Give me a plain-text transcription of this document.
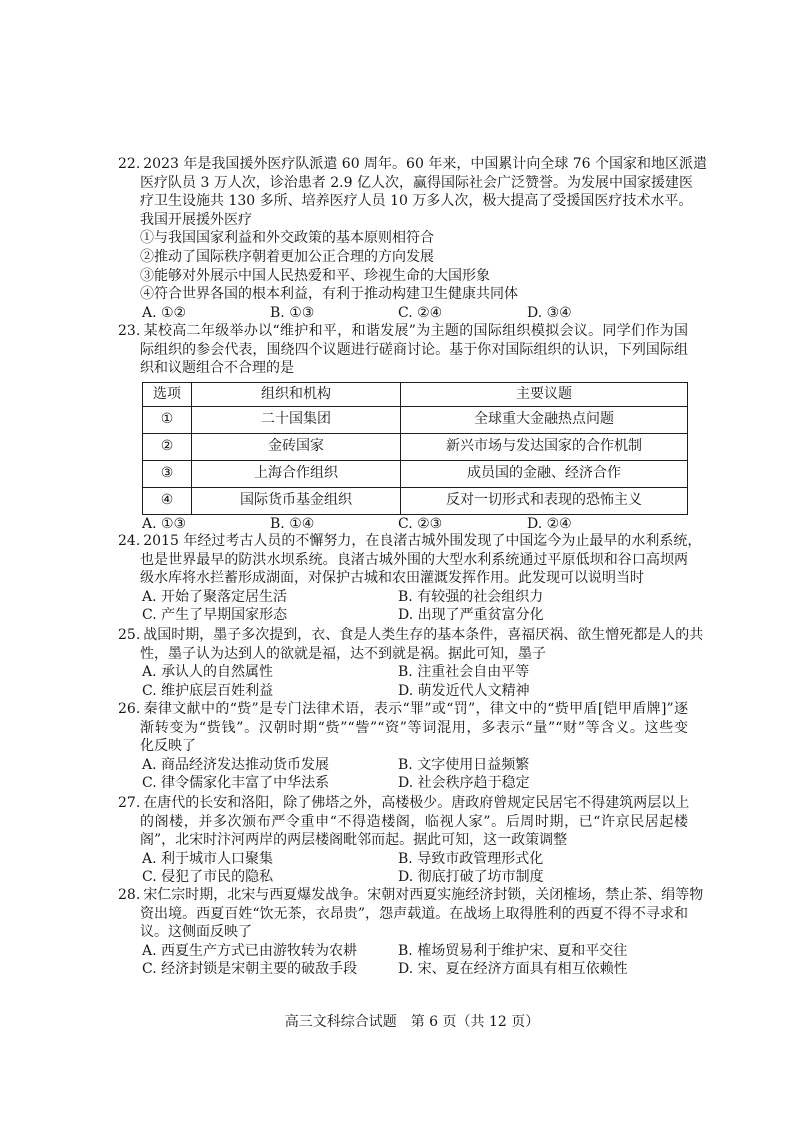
22. 2023 年是我国援外医疗队派遣 60 周年。60 年来，中国累计向全球 76 个国家和地区派遣
医疗队员 3 万人次，诊治患者 2.9 亿人次，赢得国际社会广泛赞誉。为发展中国家援建医
疗卫生设施共 130 多所、培养医疗人员 10 万多人次，极大提高了受援国医疗技术水平。
我国开展援外医疗
①与我国国家利益和外交政策的基本原则相符合
②推动了国际秩序朝着更加公正合理的方向发展
③能够对外展示中国人民热爱和平、珍视生命的大国形象
④符合世界各国的根本利益，有利于推动构建卫生健康共同体
A. ①②	B. ①③	C. ②④	D. ③④
23. 某校高二年级举办以“维护和平，和谐发展”为主题的国际组织模拟会议。同学们作为国
际组织的参会代表，围绕四个议题进行磋商讨论。基于你对国际组织的认识，下列国际组
织和议题组合不合理的是
选项	组织和机构	主要议题
①	二十国集团	全球重大金融热点问题
②	金砖国家	新兴市场与发达国家的合作机制
③	上海合作组织	成员国的金融、经济合作
④	国际货币基金组织	反对一切形式和表现的恐怖主义
A. ①③	B. ①④	C. ②③	D. ②④
24. 2015 年经过考古人员的不懈努力，在良渚古城外围发现了中国迄今为止最早的水利系统，
也是世界最早的防洪水坝系统。良渚古城外围的大型水利系统通过平原低坝和谷口高坝两
级水库将水拦蓄形成湖面，对保护古城和农田灌溉发挥作用。此发现可以说明当时
A. 开始了聚落定居生活	B. 有较强的社会组织力
C. 产生了早期国家形态	D. 出现了严重贫富分化
25. 战国时期，墨子多次提到，衣、食是人类生存的基本条件，喜福厌祸、欲生憎死都是人的共
性，墨子认为达到人的欲就是福，达不到就是祸。据此可知，墨子
A. 承认人的自然属性	B. 注重社会自由平等
C. 维护底层百姓利益	D. 萌发近代人文精神
26. 秦律文献中的“赀”是专门法律术语，表示“罪”或“罚”，律文中的“赀甲盾[铠甲盾牌]”逐
渐转变为“赀钱”。汉朝时期“赀”“訾”“资”等词混用，多表示“量”“财”等含义。这些变
化反映了
A. 商品经济发达推动货币发展	B. 文字使用日益频繁
C. 律令儒家化丰富了中华法系	D. 社会秩序趋于稳定
27. 在唐代的长安和洛阳，除了佛塔之外，高楼极少。唐政府曾规定民居宅不得建筑两层以上
的阁楼，并多次颁布严令重申“不得造楼阁，临视人家”。后周时期，已“许京民居起楼
阁”，北宋时汴河两岸的两层楼阁毗邻而起。据此可知，这一政策调整
A. 利于城市人口聚集	B. 导致市政管理形式化
C. 侵犯了市民的隐私	D. 彻底打破了坊市制度
28. 宋仁宗时期，北宋与西夏爆发战争。宋朝对西夏实施经济封锁，关闭榷场，禁止茶、绢等物
资出境。西夏百姓“饮无茶，衣昂贵”，怨声载道。在战场上取得胜利的西夏不得不寻求和
议。这侧面反映了
A. 西夏生产方式已由游牧转为农耕	B. 榷场贸易利于维护宋、夏和平交往
C. 经济封锁是宋朝主要的破敌手段	D. 宋、夏在经济方面具有相互依赖性
高三文科综合试题　第 6 页（共 12 页）
